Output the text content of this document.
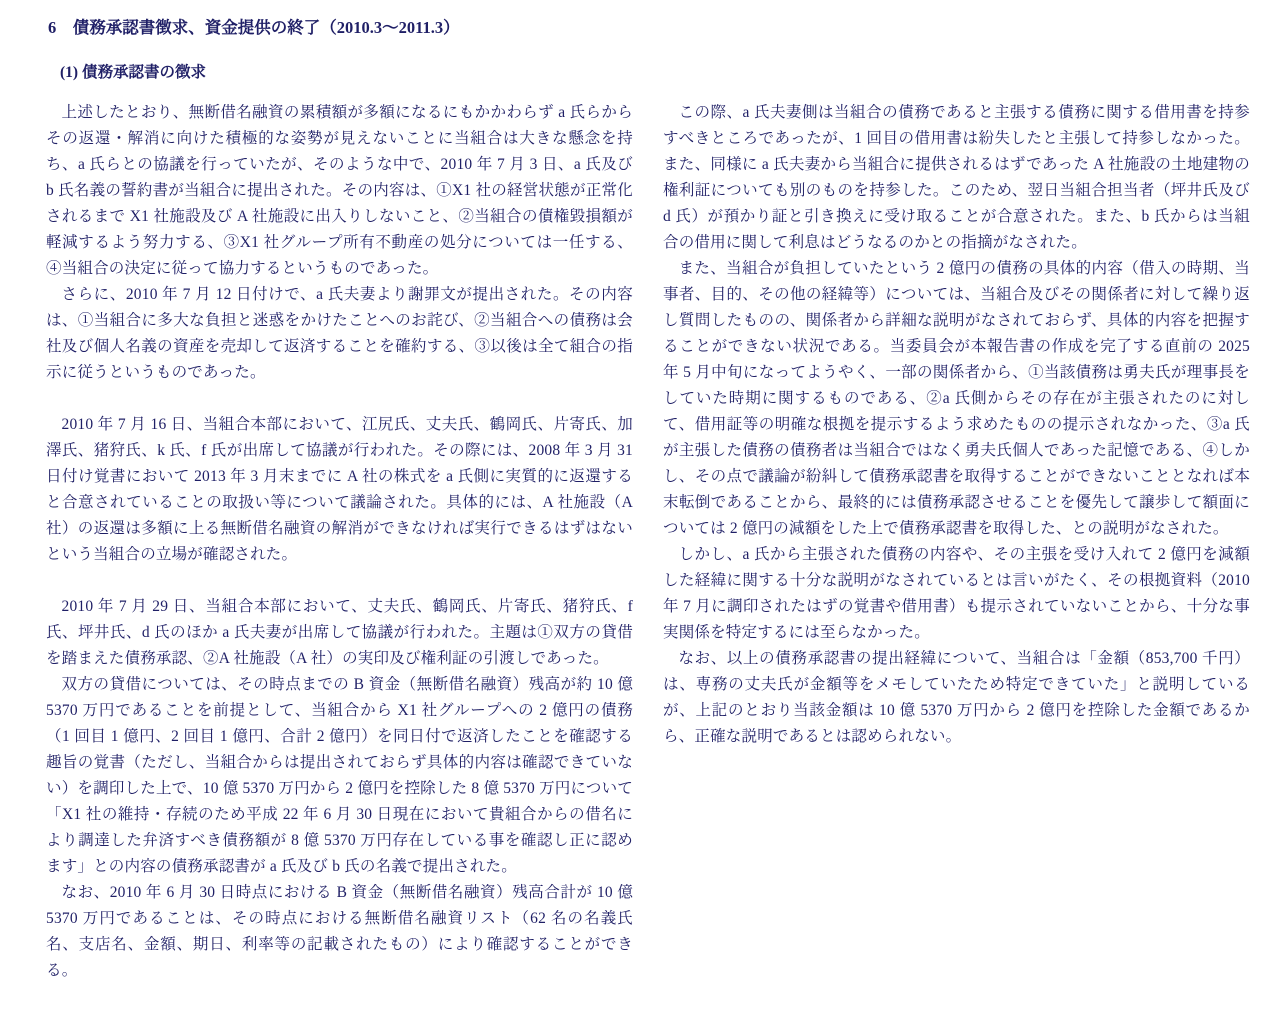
6　債務承認書徴求、資金提供の終了（2010.3～2011.3）
(1) 債務承認書の徴求

上述したとおり、無断借名融資の累積額が多額になるにもかかわらず a 氏らからその返還・解消に向けた積極的な姿勢が見えないことに当組合は大きな懸念を持ち、a 氏らとの協議を行っていたが、そのような中で、2010 年 7 月 3 日、a 氏及び b 氏名義の誓約書が当組合に提出された。その内容は、①X1 社の経営状態が正常化されるまで X1 社施設及び A 社施設に出入りしないこと、②当組合の債権毀損額が軽減するよう努力する、③X1 社グループ所有不動産の処分については一任する、④当組合の決定に従って協力するというものであった。

さらに、2010 年 7 月 12 日付けで、a 氏夫妻より謝罪文が提出された。その内容は、①当組合に多大な負担と迷惑をかけたことへのお詫び、②当組合への債務は会社及び個人名義の資産を売却して返済することを確約する、③以後は全て組合の指示に従うというものであった。

2010 年 7 月 16 日、当組合本部において、江尻氏、丈夫氏、鶴岡氏、片寄氏、加澤氏、猪狩氏、k 氏、f 氏が出席して協議が行われた。その際には、2008 年 3 月 31 日付け覚書において 2013 年 3 月末までに A 社の株式を a 氏側に実質的に返還すると合意されていることの取扱い等について議論された。具体的には、A 社施設（A 社）の返還は多額に上る無断借名融資の解消ができなければ実行できるはずはないという当組合の立場が確認された。

2010 年 7 月 29 日、当組合本部において、丈夫氏、鶴岡氏、片寄氏、猪狩氏、f 氏、坪井氏、d 氏のほか a 氏夫妻が出席して協議が行われた。主題は①双方の貸借を踏まえた債務承認、②A 社施設（A 社）の実印及び権利証の引渡しであった。

双方の貸借については、その時点までの B 資金（無断借名融資）残高が約 10 億 5370 万円であることを前提として、当組合から X1 社グループへの 2 億円の債務（1 回目 1 億円、2 回目 1 億円、合計 2 億円）を同日付で返済したことを確認する趣旨の覚書（ただし、当組合からは提出されておらず具体的内容は確認できていない）を調印した上で、10 億 5370 万円から 2 億円を控除した 8 億 5370 万円について「X1 社の維持・存続のため平成 22 年 6 月 30 日現在において貴組合からの借名により調達した弁済すべき債務額が 8 億 5370 万円存在している事を確認し正に認めます」との内容の債務承認書が a 氏及び b 氏の名義で提出された。

なお、2010 年 6 月 30 日時点における B 資金（無断借名融資）残高合計が 10 億 5370 万円であることは、その時点における無断借名融資リスト（62 名の名義氏名、支店名、金額、期日、利率等の記載されたもの）により確認することができる。

この際、a 氏夫妻側は当組合の債務であると主張する債務に関する借用書を持参すべきところであったが、1 回目の借用書は紛失したと主張して持参しなかった。また、同様に a 氏夫妻から当組合に提供されるはずであった A 社施設の土地建物の権利証についても別のものを持参した。このため、翌日当組合担当者（坪井氏及び d 氏）が預かり証と引き換えに受け取ることが合意された。また、b 氏からは当組合の借用に関して利息はどうなるのかとの指摘がなされた。

また、当組合が負担していたという 2 億円の債務の具体的内容（借入の時期、当事者、目的、その他の経緯等）については、当組合及びその関係者に対して繰り返し質問したものの、関係者から詳細な説明がなされておらず、具体的内容を把握することができない状況である。当委員会が本報告書の作成を完了する直前の 2025 年 5 月中旬になってようやく、一部の関係者から、①当該債務は勇夫氏が理事長をしていた時期に関するものである、②a 氏側からその存在が主張されたのに対して、借用証等の明確な根拠を提示するよう求めたものの提示されなかった、③a 氏が主張した債務の債務者は当組合ではなく勇夫氏個人であった記憶である、④しかし、その点で議論が紛糾して債務承認書を取得することができないこととなれば本末転倒であることから、最終的には債務承認させることを優先して譲歩して額面については 2 億円の減額をした上で債務承認書を取得した、との説明がなされた。

しかし、a 氏から主張された債務の内容や、その主張を受け入れて 2 億円を減額した経緯に関する十分な説明がなされているとは言いがたく、その根拠資料（2010 年 7 月に調印されたはずの覚書や借用書）も提示されていないことから、十分な事実関係を特定するには至らなかった。

なお、以上の債務承認書の提出経緯について、当組合は「金額（853,700 千円）は、専務の丈夫氏が金額等をメモしていたため特定できていた」と説明しているが、上記のとおり当該金額は 10 億 5370 万円から 2 億円を控除した金額であるから、正確な説明であるとは認められない。
